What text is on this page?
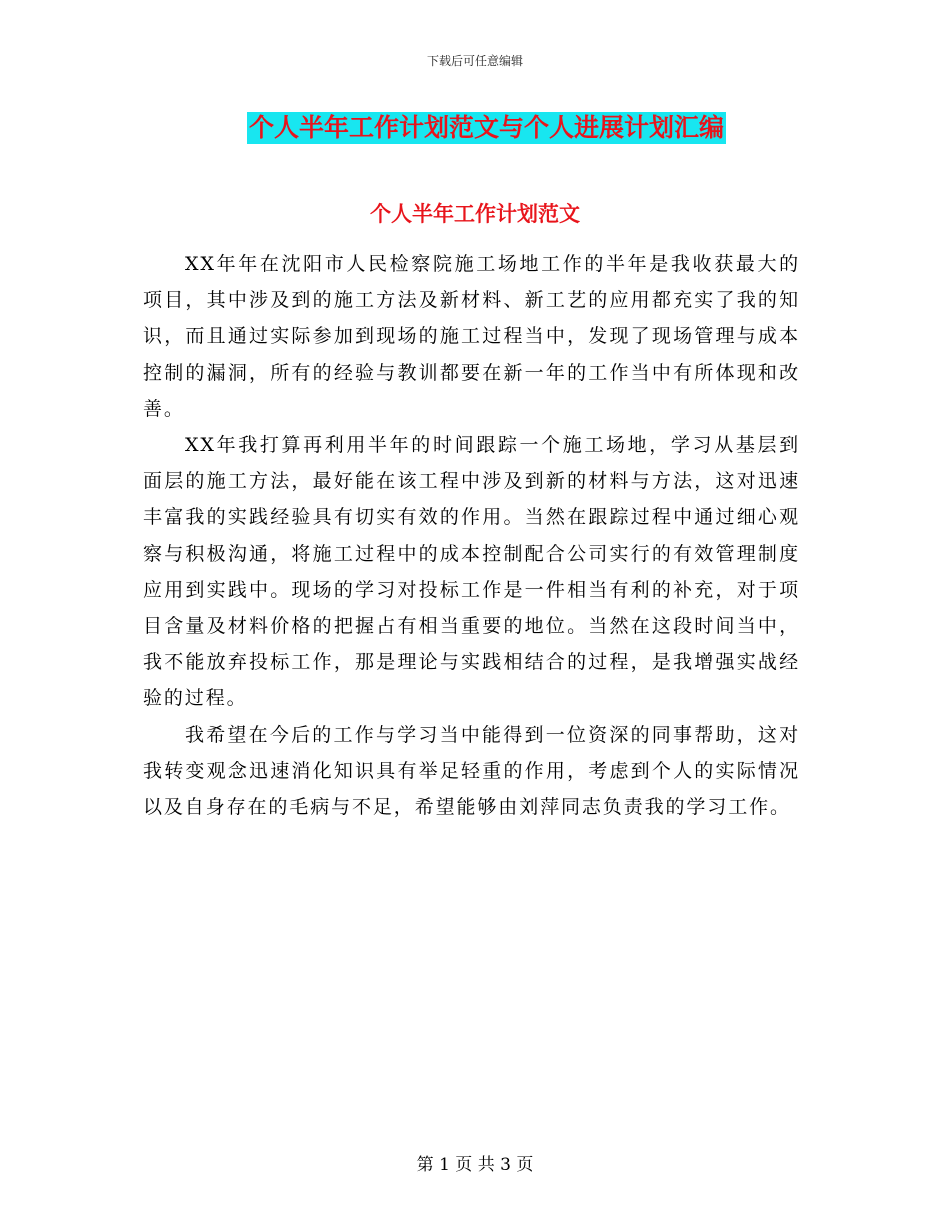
下载后可任意编辑
个人半年工作计划范文与个人进展计划汇编
个人半年工作计划范文

XX年年在沈阳市人民检察院施工场地工作的半年是我收获最大的项目，其中涉及到的施工方法及新材料、新工艺的应用都充实了我的知识，而且通过实际参加到现场的施工过程当中，发现了现场管理与成本控制的漏洞，所有的经验与教训都要在新一年的工作当中有所体现和改善。

XX年我打算再利用半年的时间跟踪一个施工场地，学习从基层到面层的施工方法，最好能在该工程中涉及到新的材料与方法，这对迅速丰富我的实践经验具有切实有效的作用。当然在跟踪过程中通过细心观察与积极沟通，将施工过程中的成本控制配合公司实行的有效管理制度应用到实践中。现场的学习对投标工作是一件相当有利的补充，对于项目含量及材料价格的把握占有相当重要的地位。当然在这段时间当中，我不能放弃投标工作，那是理论与实践相结合的过程，是我增强实战经验的过程。

我希望在今后的工作与学习当中能得到一位资深的同事帮助，这对我转变观念迅速消化知识具有举足轻重的作用，考虑到个人的实际情况以及自身存在的毛病与不足，希望能够由刘萍同志负责我的学习工作。

第 1 页 共 3 页
